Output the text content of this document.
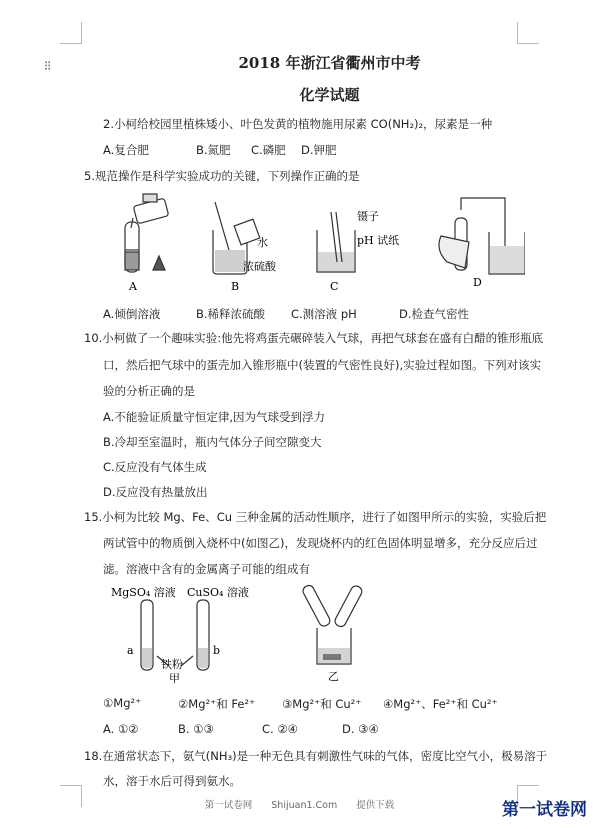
⁝⁝	2018 年浙江省衢州市中考
化学试题
2.小柯给校园里植株矮小、叶色发黄的植物施用尿素 CO(NH₂)₂，尿素是一种
A.复合肥	B.氮肥 C.磷肥 D.钾肥
5.规范操作是科学实验成功的关键，下列操作正确的是
A
水
浓硫酸
B
镊子
pH 试纸
C	D
A.倾倒溶液	B.稀释浓硫酸 C.测溶液 pH	D.检查气密性
10.小柯做了一个趣味实验:他先将鸡蛋壳碾碎装入气球，再把气球套在盛有白醋的锥形瓶底
口，然后把气球中的蛋壳加入锥形瓶中(装置的气密性良好),实验过程如图。下列对该实
验的分析正确的是
A.不能验证质量守恒定律,因为气球受到浮力
B.冷却至室温时，瓶内气体分子间空隙变大
C.反应没有气体生成
D.反应没有热量放出
15.小柯为比较 Mg、Fe、Cu 三种金属的活动性顺序，进行了如图甲所示的实验，实验后把
两试管中的物质倒入烧杯中(如图乙)，发现烧杯内的红色固体明显增多，充分反应后过
滤。溶液中含有的金属离子可能的组成有
MgSO₄ 溶液 CuSO₄ 溶液
a	b
铁粉
甲	乙
①Mg²⁺	②Mg²⁺和 Fe²⁺ ③Mg²⁺和 Cu²⁺ ④Mg²⁺、Fe²⁺和 Cu²⁺
A. ①②	B. ①③	C. ②④	D. ③④
18.在通常状态下，氨气(NH₃)是一种无色具有刺激性气味的气体，密度比空气小，极易溶于
水，溶于水后可得到氨水。
第一试卷网 Shijuan1.Com 提供下载	第一试卷网
